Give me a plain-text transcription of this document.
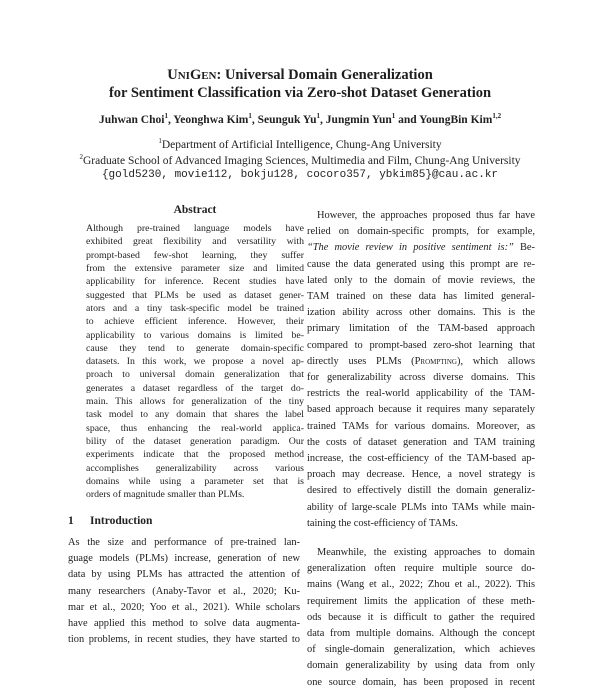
UNIGEN: Universal Domain Generalization
for Sentiment Classification via Zero-shot Dataset Generation
Juhwan Choi$^1$, Yeonghwa Kim$^1$, Seunguk Yu$^1$, Jungmin Yun$^1$ and YoungBin Kim$^{1,2}$
$^1$Department of Artificial Intelligence, Chung-Ang University
$^2$Graduate School of Advanced Imaging Sciences, Multimedia and Film, Chung-Ang University
{gold5230, movie112, bokju128, cocoro357, ybkim85}@cau.ac.kr
Abstract
Although pre-trained language models have
exhibited great flexibility and versatility with
prompt-based few-shot learning, they suffer
from the extensive parameter size and limited
applicability for inference. Recent studies have
suggested that PLMs be used as dataset gener-
ators and a tiny task-specific model be trained
to achieve efficient inference. However, their
applicability to various domains is limited be-
cause they tend to generate domain-specific
datasets. In this work, we propose a novel ap-
proach to universal domain generalization that
generates a dataset regardless of the target do-
main. This allows for generalization of the tiny
task model to any domain that shares the label
space, thus enhancing the real-world applica-
bility of the dataset generation paradigm. Our
experiments indicate that the proposed method
accomplishes generalizability across various
domains while using a parameter set that is
orders of magnitude smaller than PLMs.
1 Introduction
As the size and performance of pre-trained lan-
guage models (PLMs) increase, generation of new
data by using PLMs has attracted the attention of
many researchers (Anaby-Tavor et al., 2020; Ku-
mar et al., 2020; Yoo et al., 2021). While scholars
have applied this method to solve data augmenta-
tion problems, in recent studies, they have started to
However, the approaches proposed thus far have
relied on domain-specific prompts, for example,
“The movie review in positive sentiment is:” Be-
cause the data generated using this prompt are re-
lated only to the domain of movie reviews, the
TAM trained on these data has limited general-
ization ability across other domains. This is the
primary limitation of the TAM-based approach
compared to prompt-based zero-shot learning that
directly uses PLMs (Prompting), which allows
for generalizability across diverse domains. This
restricts the real-world applicability of the TAM-
based approach because it requires many separately
trained TAMs for various domains. Moreover, as
the costs of dataset generation and TAM training
increase, the cost-efficiency of the TAM-based ap-
proach may decrease. Hence, a novel strategy is
desired to effectively distill the domain generaliz-
ability of large-scale PLMs into TAMs while main-
taining the cost-efficiency of TAMs.
Meanwhile, the existing approaches to domain
generalization often require multiple source do-
mains (Wang et al., 2022; Zhou et al., 2022). This
requirement limits the application of these meth-
ods because it is difficult to gather the required
data from multiple domains. Although the concept
of single-domain generalization, which achieves
domain generalizability by using data from only
one source domain, has been proposed in recent
